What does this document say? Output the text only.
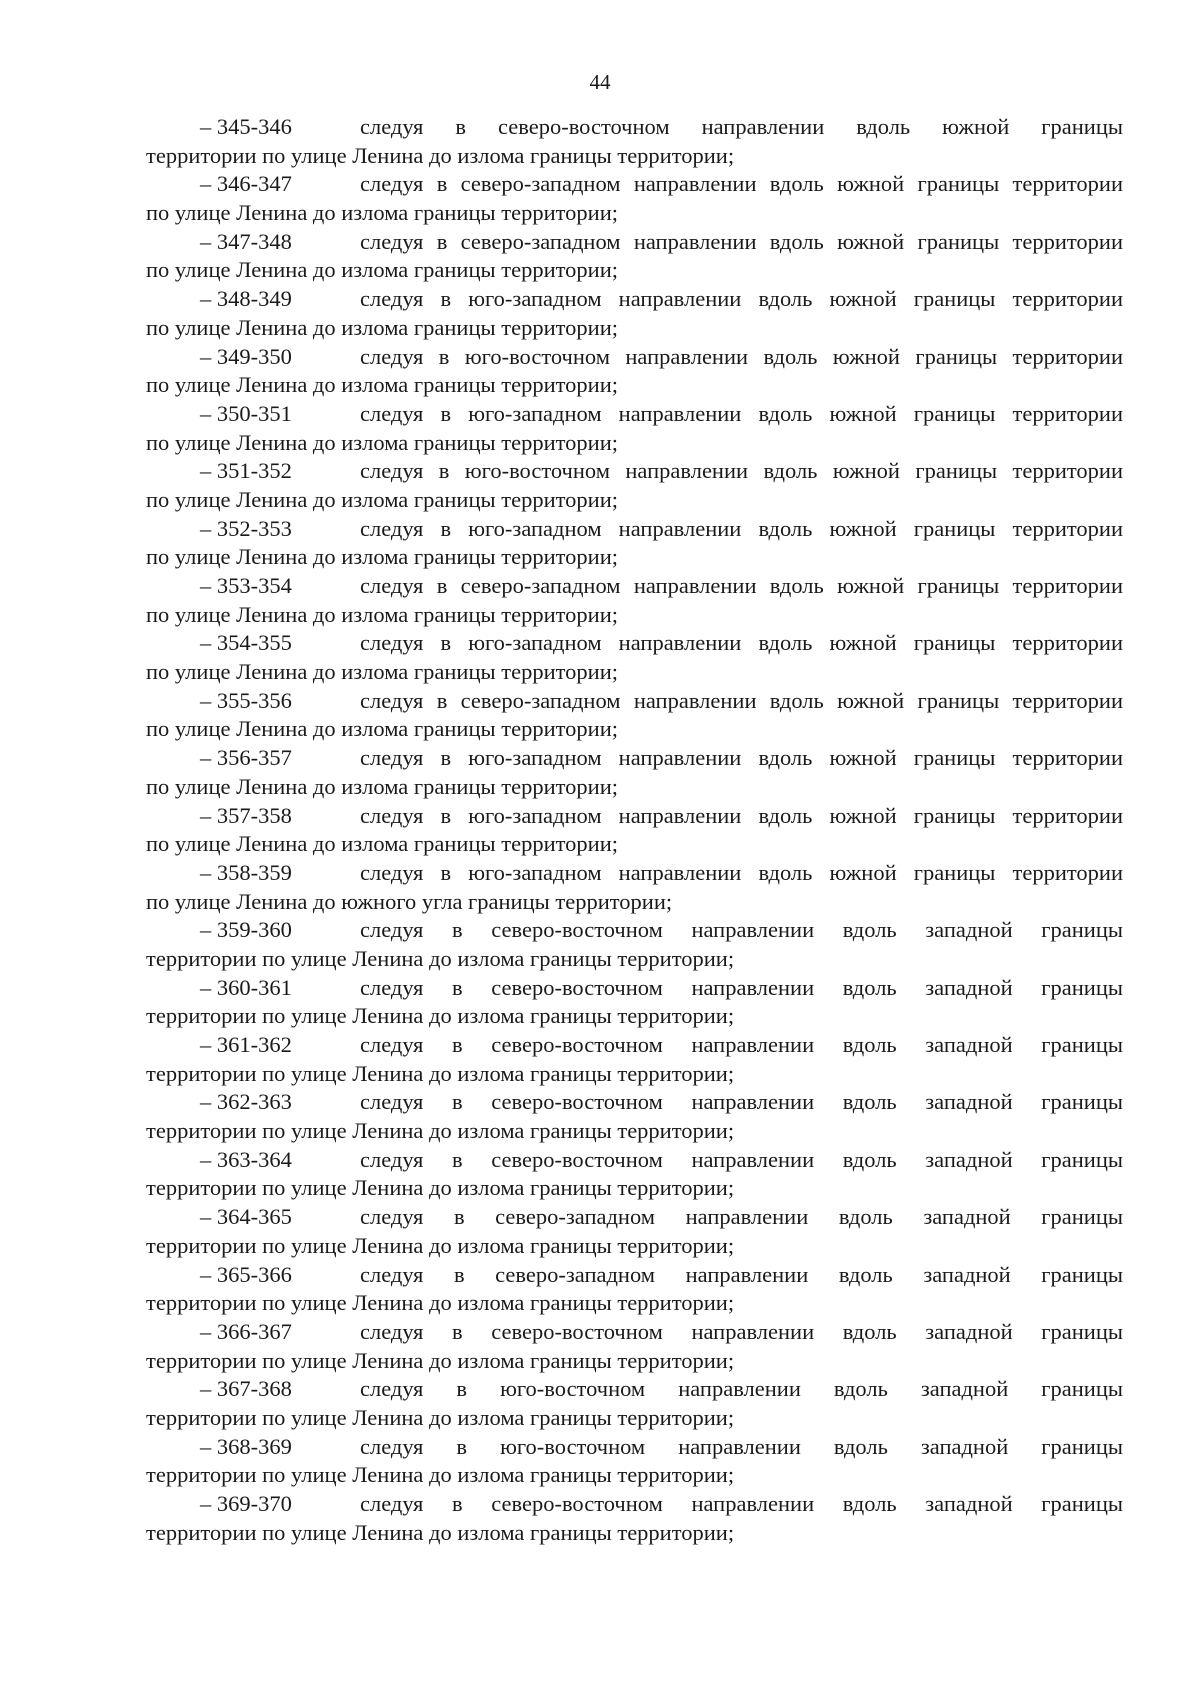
44
– 345-346	следуя в северо-восточном направлении вдоль южной границы
территории по улице Ленина до излома границы территории;
– 346-347	следуя в северо-западном направлении вдоль южной границы территории
по улице Ленина до излома границы территории;
– 347-348	следуя в северо-западном направлении вдоль южной границы территории
по улице Ленина до излома границы территории;
– 348-349	следуя в юго-западном направлении вдоль южной границы территории
по улице Ленина до излома границы территории;
– 349-350	следуя в юго-восточном направлении вдоль южной границы территории
по улице Ленина до излома границы территории;
– 350-351	следуя в юго-западном направлении вдоль южной границы территории
по улице Ленина до излома границы территории;
– 351-352	следуя в юго-восточном направлении вдоль южной границы территории
по улице Ленина до излома границы территории;
– 352-353	следуя в юго-западном направлении вдоль южной границы территории
по улице Ленина до излома границы территории;
– 353-354	следуя в северо-западном направлении вдоль южной границы территории
по улице Ленина до излома границы территории;
– 354-355	следуя в юго-западном направлении вдоль южной границы территории
по улице Ленина до излома границы территории;
– 355-356	следуя в северо-западном направлении вдоль южной границы территории
по улице Ленина до излома границы территории;
– 356-357	следуя в юго-западном направлении вдоль южной границы территории
по улице Ленина до излома границы территории;
– 357-358	следуя в юго-западном направлении вдоль южной границы территории
по улице Ленина до излома границы территории;
– 358-359	следуя в юго-западном направлении вдоль южной границы территории
по улице Ленина до южного угла границы территории;
– 359-360	следуя в северо-восточном направлении вдоль западной границы
территории по улице Ленина до излома границы территории;
– 360-361	следуя в северо-восточном направлении вдоль западной границы
территории по улице Ленина до излома границы территории;
– 361-362	следуя в северо-восточном направлении вдоль западной границы
территории по улице Ленина до излома границы территории;
– 362-363	следуя в северо-восточном направлении вдоль западной границы
территории по улице Ленина до излома границы территории;
– 363-364	следуя в северо-восточном направлении вдоль западной границы
территории по улице Ленина до излома границы территории;
– 364-365	следуя в северо-западном направлении вдоль западной границы
территории по улице Ленина до излома границы территории;
– 365-366	следуя в северо-западном направлении вдоль западной границы
территории по улице Ленина до излома границы территории;
– 366-367	следуя в северо-восточном направлении вдоль западной границы
территории по улице Ленина до излома границы территории;
– 367-368	следуя в юго-восточном направлении вдоль западной границы
территории по улице Ленина до излома границы территории;
– 368-369	следуя в юго-восточном направлении вдоль западной границы
территории по улице Ленина до излома границы территории;
– 369-370	следуя в северо-восточном направлении вдоль западной границы
территории по улице Ленина до излома границы территории;
